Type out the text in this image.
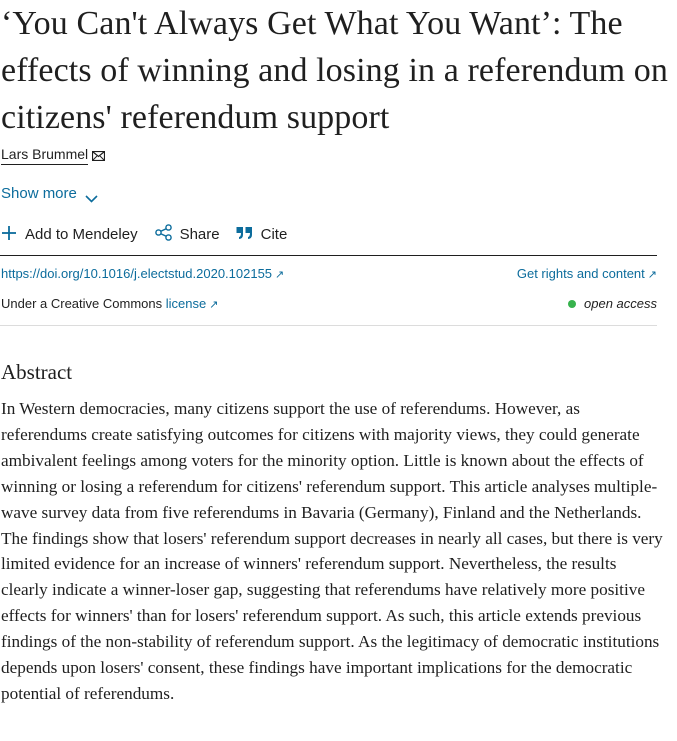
‘You Can't Always Get What You Want’: The effects of winning and losing in a referendum on citizens' referendum support
Lars Brummel
Show more
Add to Mendeley	Share	Cite
https://doi.org/10.1016/j.electstud.2020.102155 ↗	Get rights and content ↗
Under a Creative Commons license ↗	open access
Abstract

In Western democracies, many citizens support the use of referendums. However, as referendums create satisfying outcomes for citizens with majority views, they could generate ambivalent feelings among voters for the minority option. Little is known about the effects of winning or losing a referendum for citizens' referendum support. This article analyses multiple-wave survey data from five referendums in Bavaria (Germany), Finland and the Netherlands. The findings show that losers' referendum support decreases in nearly all cases, but there is very limited evidence for an increase of winners' referendum support. Nevertheless, the results clearly indicate a winner-loser gap, suggesting that referendums have relatively more positive effects for winners' than for losers' referendum support. As such, this article extends previous findings of the non-stability of referendum support. As the legitimacy of democratic institutions depends upon losers' consent, these findings have important implications for the democratic potential of referendums.
